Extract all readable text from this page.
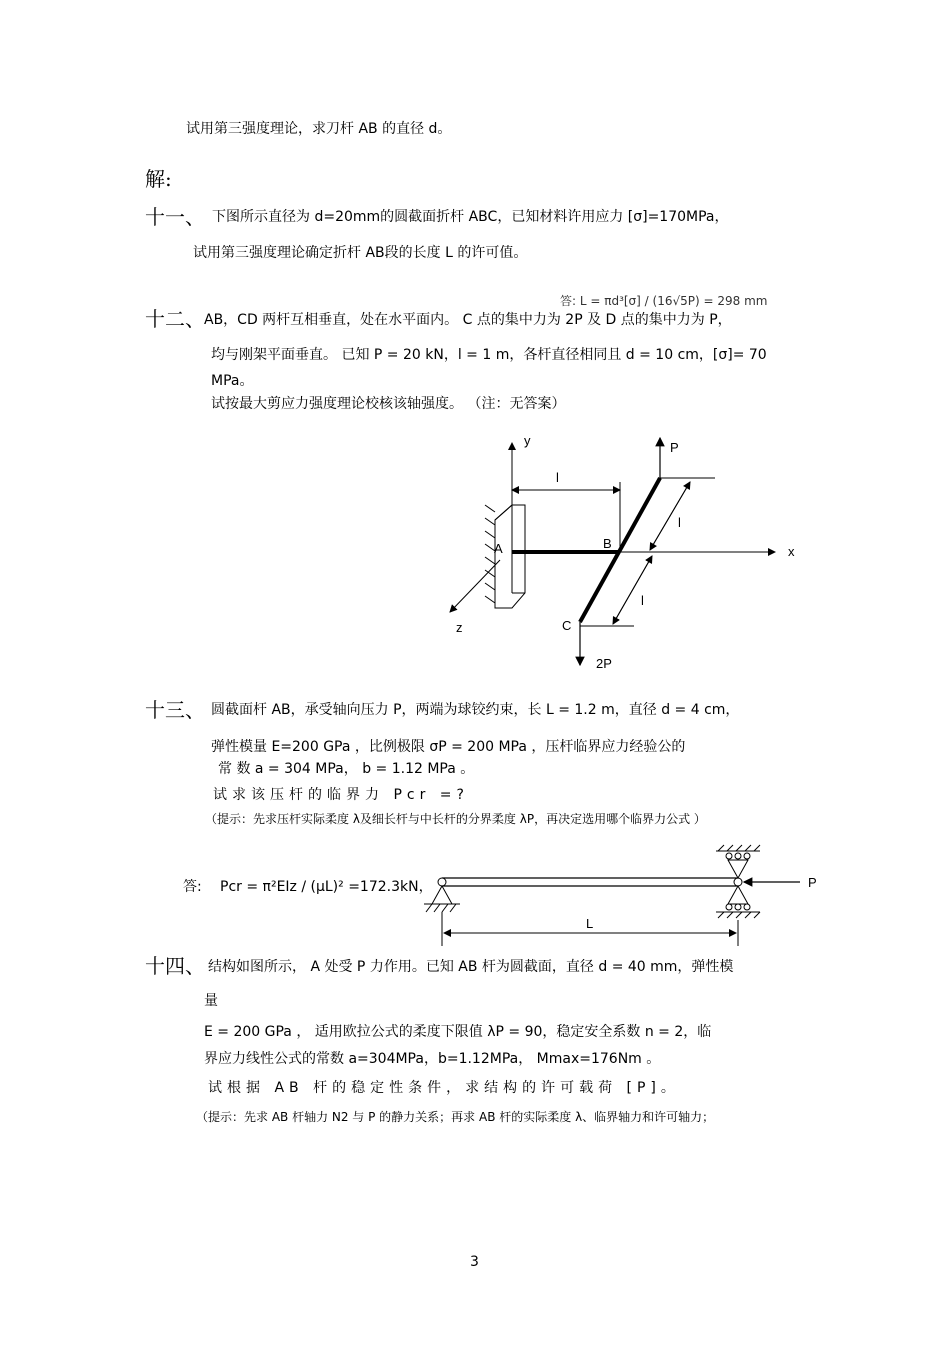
试用第三强度理论，求刀杆 AB 的直径 d。
解:
十一、 下图所示直径为 d=20mm的圆截面折杆 ABC，已知材料许用应力 [σ]=170MPa，
试用第三强度理论确定折杆 AB段的长度 L 的许可值。
十二、 AB，CD 两杆互相垂直，处在水平面内。 C 点的集中力为 2P 及 D 点的集中力为 P，
答: L = πd³[σ] / (16√5P) = 298 mm
均与刚架平面垂直。 已知 P = 20 kN，l = 1 m，各杆直径相同且 d = 10 cm，[σ]= 70
MPa。
试按最大剪应力强度理论校核该轴强度。 （注：无答案）
y
x
z
A	B
C
l
l
l
P
2P
十三、 圆截面杆 AB，承受轴向压力 P，两端为球铰约束，长 L = 1.2 m，直径 d = 4 cm，
弹性模量 E=200 GPa ，比例极限 σP = 200 MPa ，压杆临界应力经验公的
常 数 a = 304 MPa， b = 1.12 MPa 。
试求该压杆的临界力 Pcr =?
（提示：先求压杆实际柔度 λ及细长杆与中长杆的分界柔度 λP，再决定选用哪个临界力公式 ）
答: Pcr = π²EIz / (μL)² =172.3kN，	P
L
十四、 结构如图所示， A 处受 P 力作用。已知 AB 杆为圆截面，直径 d = 40 mm，弹性模
量
E = 200 GPa ， 适用欧拉公式的柔度下限值 λP = 90，稳定安全系数 n = 2，临
界应力线性公式的常数 a=304MPa，b=1.12MPa， Mmax=176Nm 。
试根据 AB 杆的稳定性条件，求结构的许可载荷 [P]。
（提示：先求 AB 杆轴力 N2 与 P 的静力关系；再求 AB 杆的实际柔度 λ、临界轴力和许可轴力；
3
